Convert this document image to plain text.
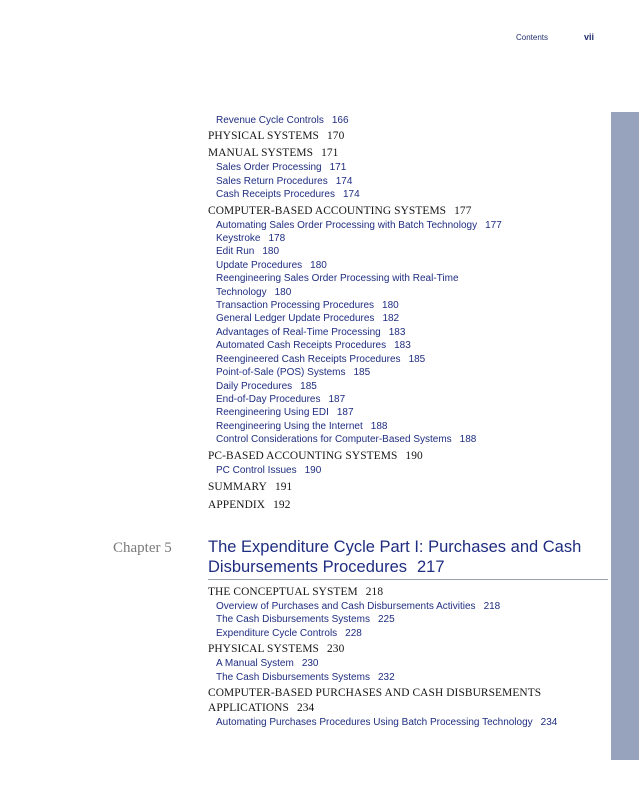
Contents	vii
Revenue Cycle Controls 166
PHYSICAL SYSTEMS 170
MANUAL SYSTEMS 171
Sales Order Processing 171
Sales Return Procedures 174
Cash Receipts Procedures 174
COMPUTER-BASED ACCOUNTING SYSTEMS 177
Automating Sales Order Processing with Batch Technology 177
Keystroke 178
Edit Run 180
Update Procedures 180
Reengineering Sales Order Processing with Real-Time
Technology 180
Transaction Processing Procedures 180
General Ledger Update Procedures 182
Advantages of Real-Time Processing 183
Automated Cash Receipts Procedures 183
Reengineered Cash Receipts Procedures 185
Point-of-Sale (POS) Systems 185
Daily Procedures 185
End-of-Day Procedures 187
Reengineering Using EDI 187
Reengineering Using the Internet 188
Control Considerations for Computer-Based Systems 188
PC-BASED ACCOUNTING SYSTEMS 190
PC Control Issues 190
SUMMARY 191
APPENDIX 192
Chapter 5 The Expenditure Cycle Part I: Purchases and Cash Disbursements Procedures 217
THE CONCEPTUAL SYSTEM 218
Overview of Purchases and Cash Disbursements Activities 218
The Cash Disbursements Systems 225
Expenditure Cycle Controls 228
PHYSICAL SYSTEMS 230
A Manual System 230
The Cash Disbursements Systems 232
COMPUTER-BASED PURCHASES AND CASH DISBURSEMENTS APPLICATIONS 234
Automating Purchases Procedures Using Batch Processing Technology 234
